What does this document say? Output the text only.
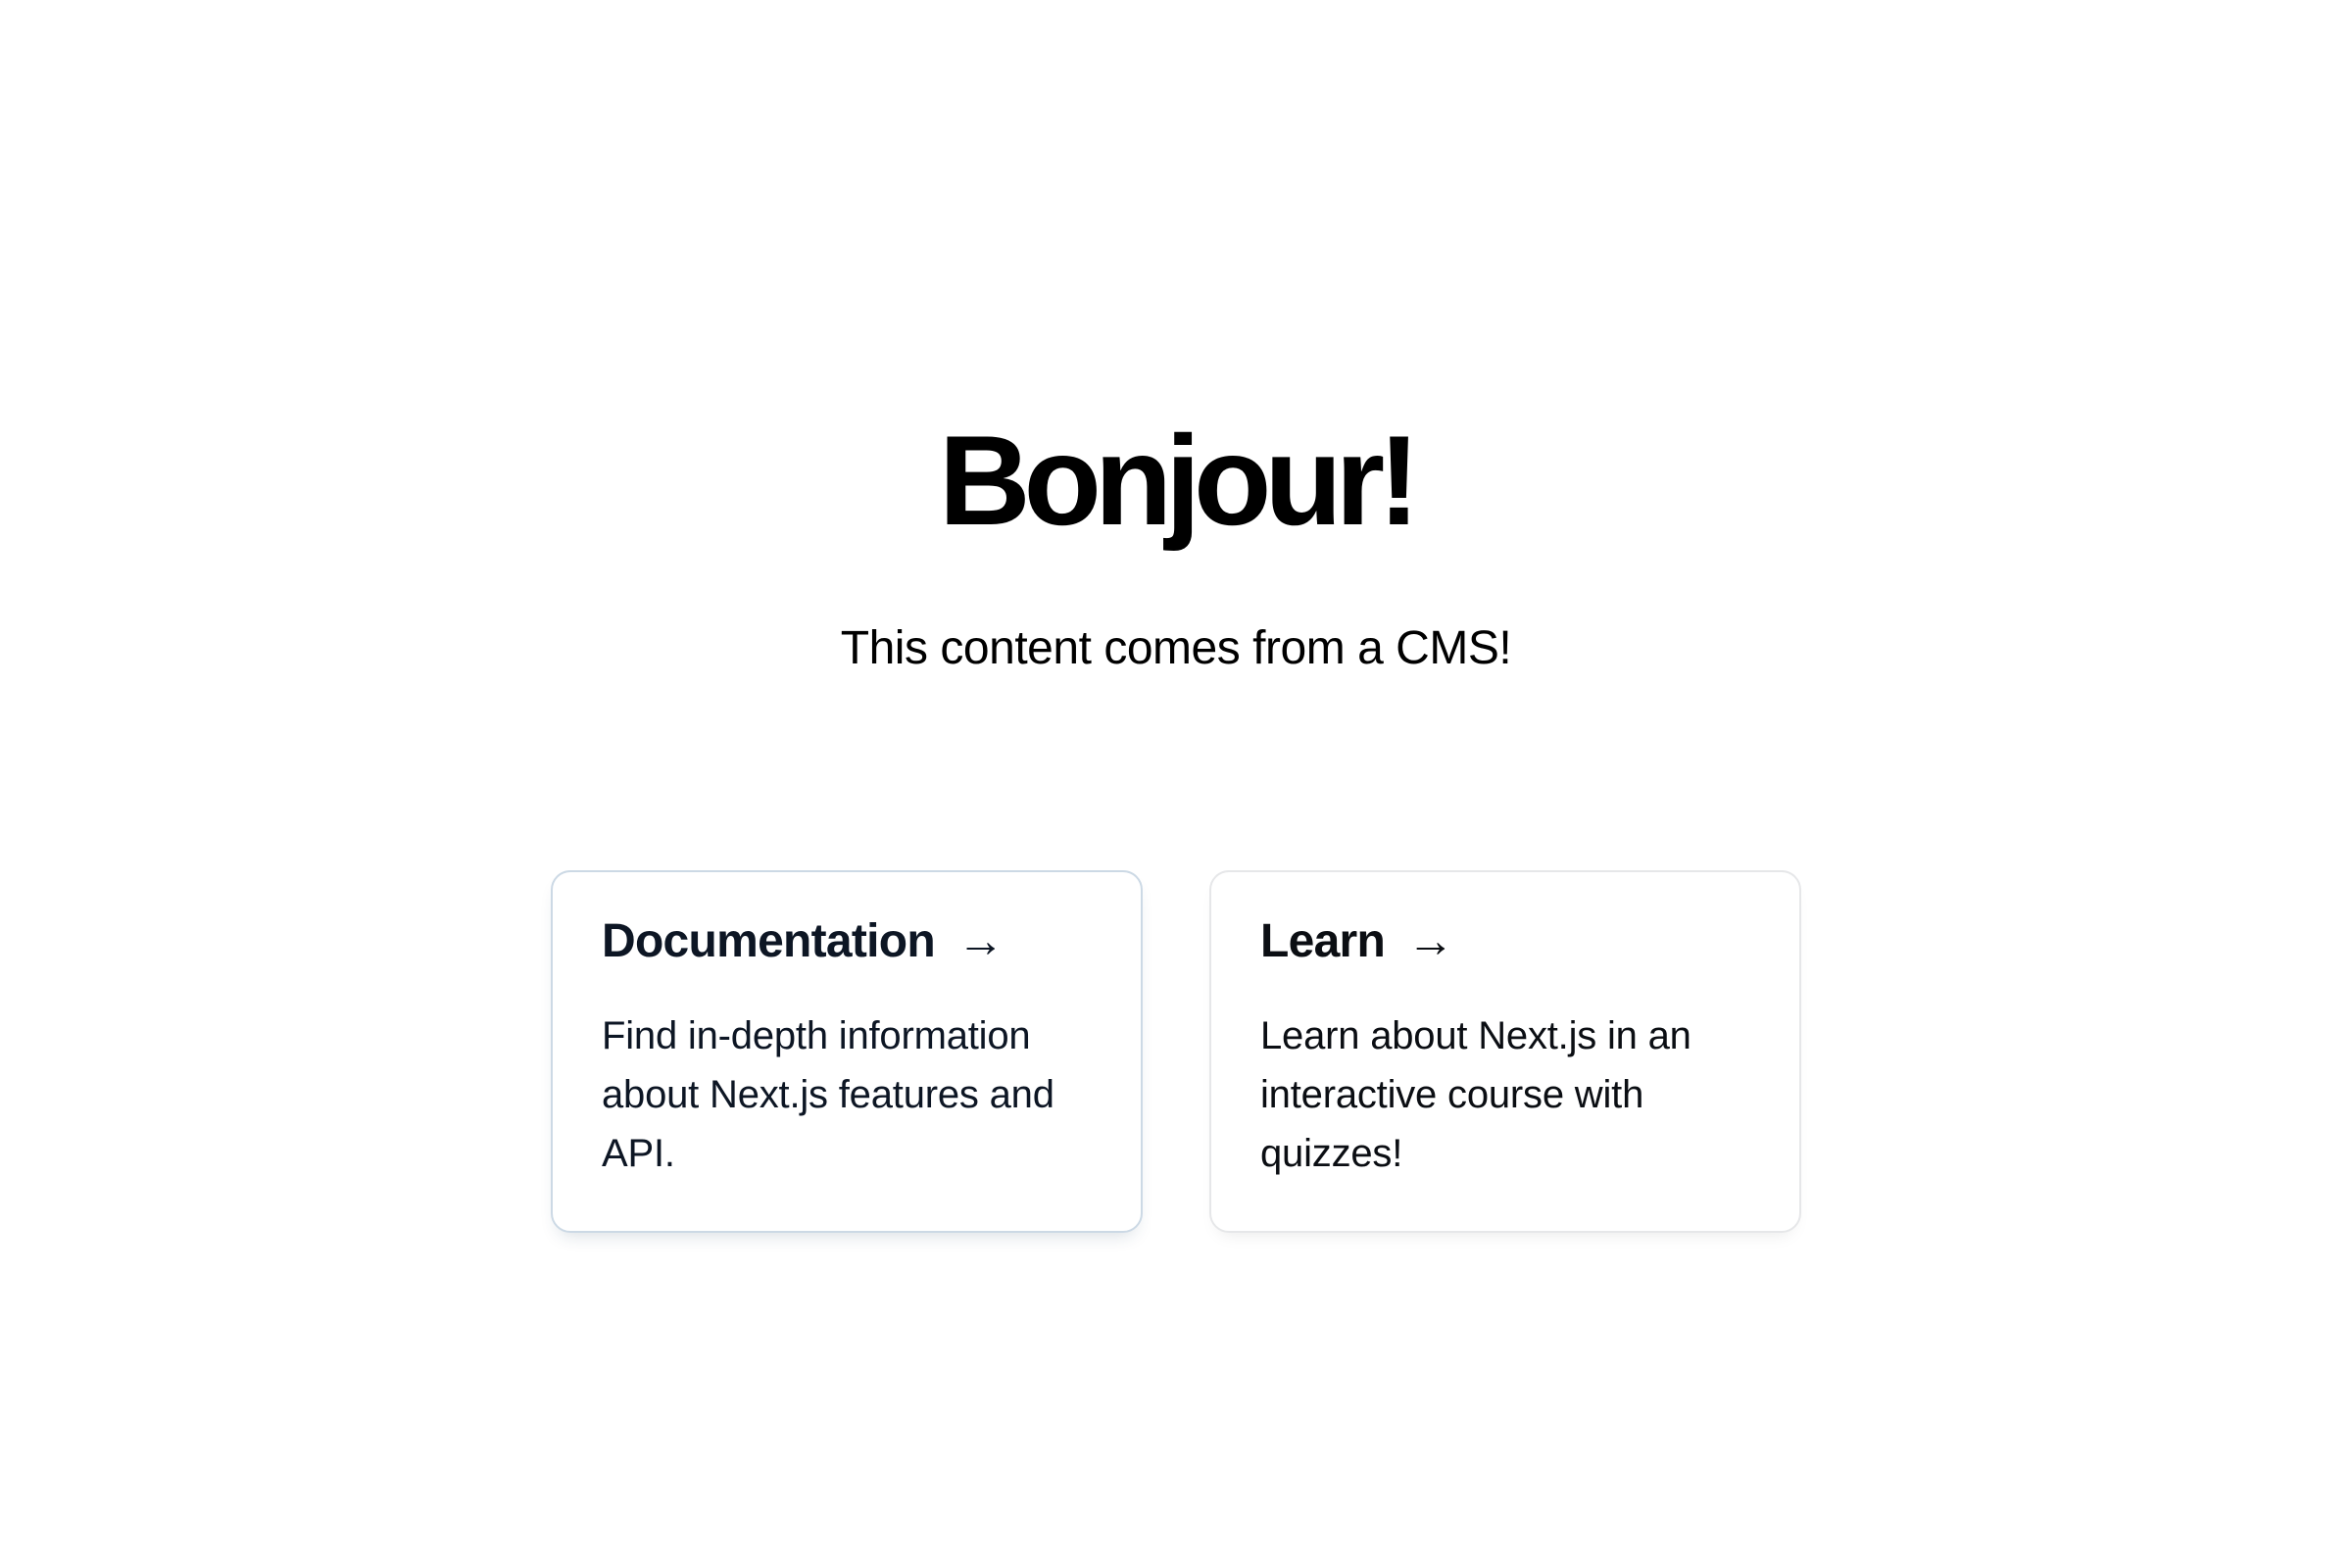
Bonjour!

This content comes from a CMS!

Documentation →

Find in-depth information about Next.js features and API.

Learn →

Learn about Next.js in an interactive course with quizzes!
